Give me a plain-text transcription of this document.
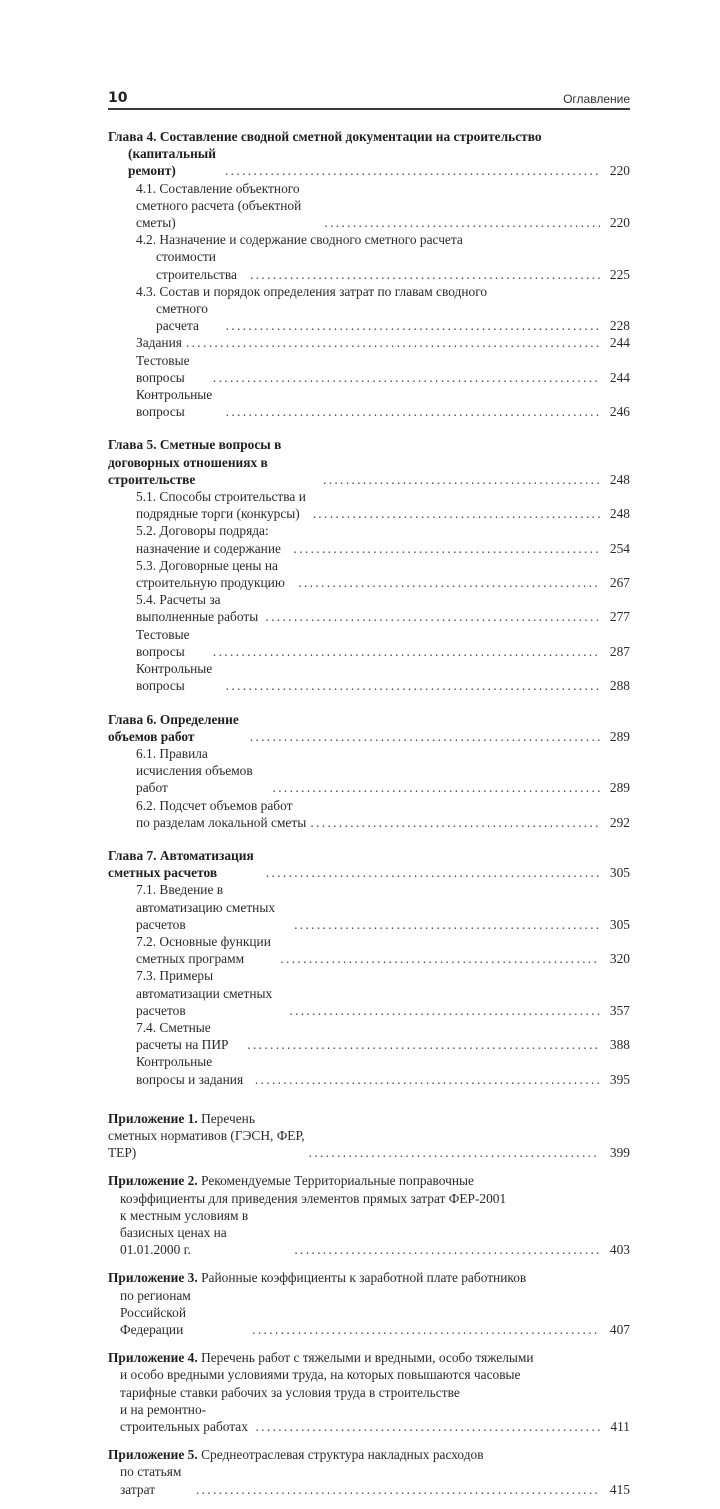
10	Оглавление
Глава 4. Составление сводной сметной документации на строительство
(капитальный ремонт) . . .	220
4.1. Составление объектного сметного расчета (объектной сметы) . . .	220
4.2. Назначение и содержание сводного сметного расчета
стоимости строительства . . .	225
4.3. Состав и порядок определения затрат по главам сводного
сметного расчета . . .	228
Задания . . .	244
Тестовые вопросы . . .	244
Контрольные вопросы . . .	246
Глава 5. Сметные вопросы в договорных отношениях в строительстве . . .	248
5.1. Способы строительства и подрядные торги (конкурсы) . . .	248
5.2. Договоры подряда: назначение и содержание . . .	254
5.3. Договорные цены на строительную продукцию . . .	267
5.4. Расчеты за выполненные работы . . .	277
Тестовые вопросы . . .	287
Контрольные вопросы . . .	288
Глава 6. Определение объемов работ . . .	289
6.1. Правила исчисления объемов работ . . .	289
6.2. Подсчет объемов работ по разделам локальной сметы . . .	292
Глава 7. Автоматизация сметных расчетов . . .	305
7.1. Введение в автоматизацию сметных расчетов . . .	305
7.2. Основные функции сметных программ . . .	320
7.3. Примеры автоматизации сметных расчетов . . .	357
7.4. Сметные расчеты на ПИР . . .	388
Контрольные вопросы и задания . . .	395
Приложение 1. Перечень сметных нормативов (ГЭСН, ФЕР, ТЕР) . . .	399
Приложение 2. Рекомендуемые Территориальные поправочные
коэффициенты для приведения элементов прямых затрат ФЕР-2001
к местным условиям в базисных ценах на 01.01.2000 г. . . .	403
Приложение 3. Районные коэффициенты к заработной плате работников
по регионам Российской Федерации . . .	407
Приложение 4. Перечень работ с тяжелыми и вредными, особо тяжелыми
и особо вредными условиями труда, на которых повышаются часовые
тарифные ставки рабочих за условия труда в строительстве
и на ремонтно-строительных работах . . .	411
Приложение 5. Среднеотраслевая структура накладных расходов
по статьям затрат . . .	415
